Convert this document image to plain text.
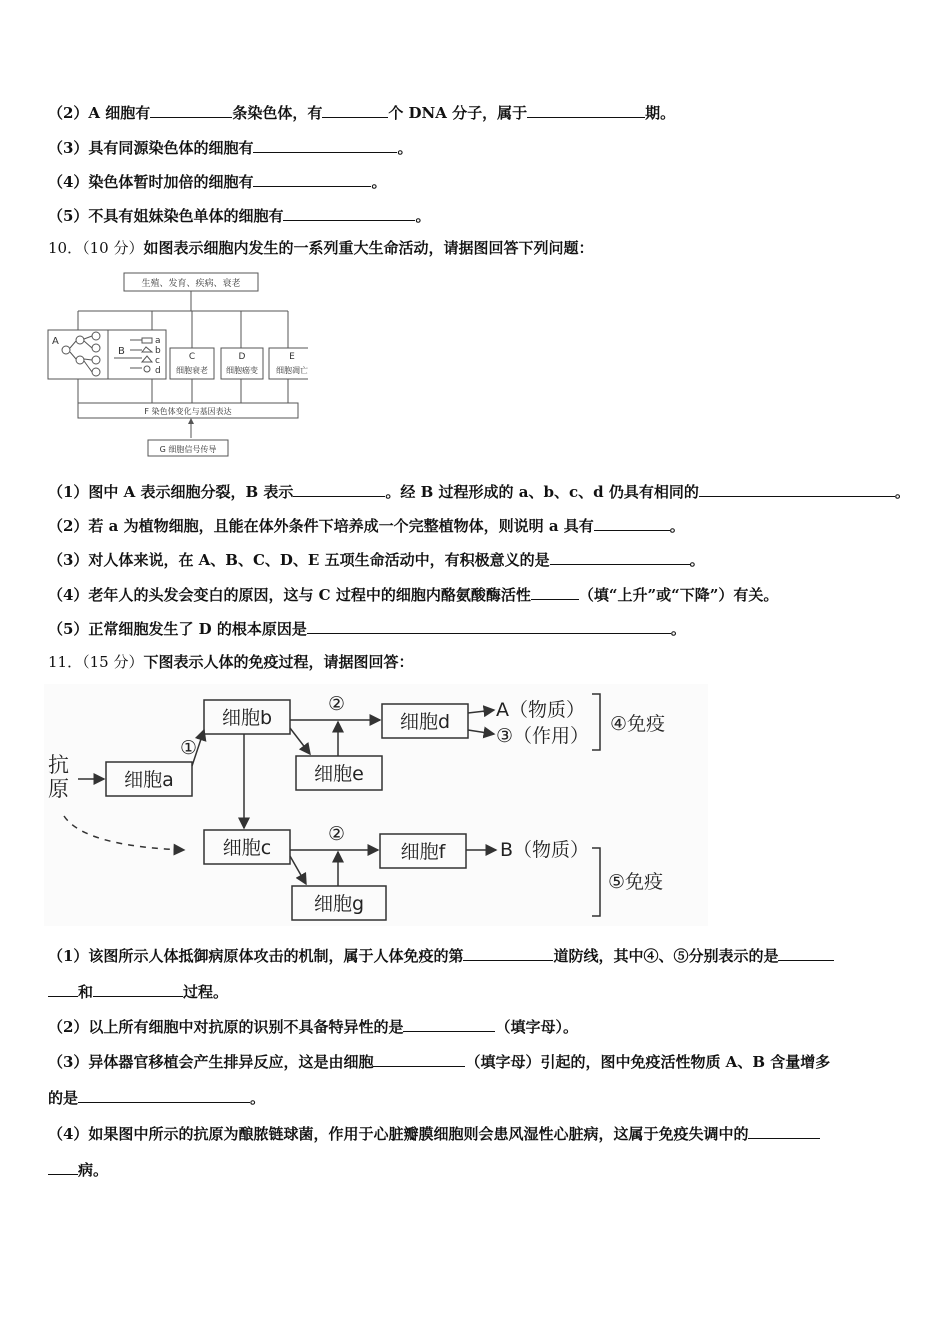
（2）A 细胞有	条染色体，有	个 DNA 分子，属于	期。
（3）具有同源染色体的细胞有	。
（4）染色体暂时加倍的细胞有	。
（5）不具有姐妹染色单体的细胞有	。
10．（10 分）如图表示细胞内发生的一系列重大生命活动，请据图回答下列问题：
生殖、发育、疾病、衰老
A
B
a
b
c
d
C
细胞衰老
D
细胞癌变
E
细胞凋亡
F 染色体变化与基因表达
G 细胞信号传导
（1）图中 A 表示细胞分裂，B 表示	。经 B 过程形成的 a、b、c、d 仍具有相同的	。
（2）若 a 为植物细胞，且能在体外条件下培养成一个完整植物体，则说明 a 具有	。
（3）对人体来说，在 A、B、C、D、E 五项生命活动中，有积极意义的是	。
（4）老年人的头发会变白的原因，这与 C 过程中的细胞内酪氨酸酶活性	（填“上升”或“下降”）有关。
（5）正常细胞发生了 D 的根本原因是	。
11．（15 分）下图表示人体的免疫过程，请据图回答：
抗
原	细胞a
细胞b
细胞e
细胞d
细胞c
细胞g
细胞f
①
②
②
A（物质）
③（作用）
④免疫
B（物质）
⑤免疫
（1）该图所示人体抵御病原体攻击的机制，属于人体免疫的第	道防线，其中④、⑤分别表示的是
和	过程。
（2）以上所有细胞中对抗原的识别不具备特异性的是	（填字母）。
（3）异体器官移植会产生排异反应，这是由细胞	（填字母）引起的，图中免疫活性物质 A、B 含量增多
的是	。
（4）如果图中所示的抗原为酿脓链球菌，作用于心脏瓣膜细胞则会患风湿性心脏病，这属于免疫失调中的
病。
